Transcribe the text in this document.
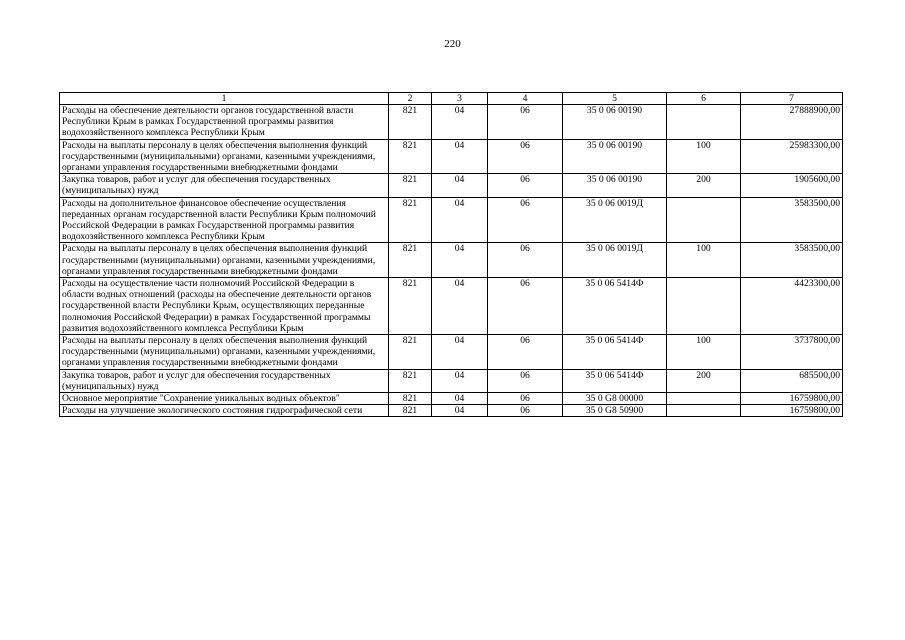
220
1	2	3	4	5	6	7
Расходы на обеспечение деятельности органов государственной власти Республики Крым в рамках Государственной программы развития водохозяйственного комплекса Республики Крым	821	04	06	35 0 06 00190		27888900,00
Расходы на выплаты персоналу в целях обеспечения выполнения функций государственными (муниципальными) органами, казенными учреждениями, органами управления государственными внебюджетными фондами	821	04	06	35 0 06 00190	100	25983300,00
Закупка товаров, работ и услуг для обеспечения государственных (муниципальных) нужд	821	04	06	35 0 06 00190	200	1905600,00
Расходы на дополнительное финансовое обеспечение осуществления переданных органам государственной власти Республики Крым полномочий Российской Федерации в рамках Государственной программы развития водохозяйственного комплекса Республики Крым	821	04	06	35 0 06 0019Д		3583500,00
Расходы на выплаты персоналу в целях обеспечения выполнения функций государственными (муниципальными) органами, казенными учреждениями, органами управления государственными внебюджетными фондами	821	04	06	35 0 06 0019Д	100	3583500,00
Расходы на осуществление части полномочий Российской Федерации в области водных отношений (расходы на обеспечение деятельности органов государственной власти Республики Крым, осуществляющих переданные полномочия Российской Федерации) в рамках Государственной программы развития водохозяйственного комплекса Республики Крым	821	04	06	35 0 06 5414Ф		4423300,00
Расходы на выплаты персоналу в целях обеспечения выполнения функций государственными (муниципальными) органами, казенными учреждениями, органами управления государственными внебюджетными фондами	821	04	06	35 0 06 5414Ф	100	3737800,00
Закупка товаров, работ и услуг для обеспечения государственных (муниципальных) нужд	821	04	06	35 0 06 5414Ф	200	685500,00
Основное мероприятие "Сохранение уникальных водных объектов"	821	04	06	35 0 G8 00000		16759800,00
Расходы на улучшение экологического состояния гидрографической сети	821	04	06	35 0 G8 50900		16759800,00
